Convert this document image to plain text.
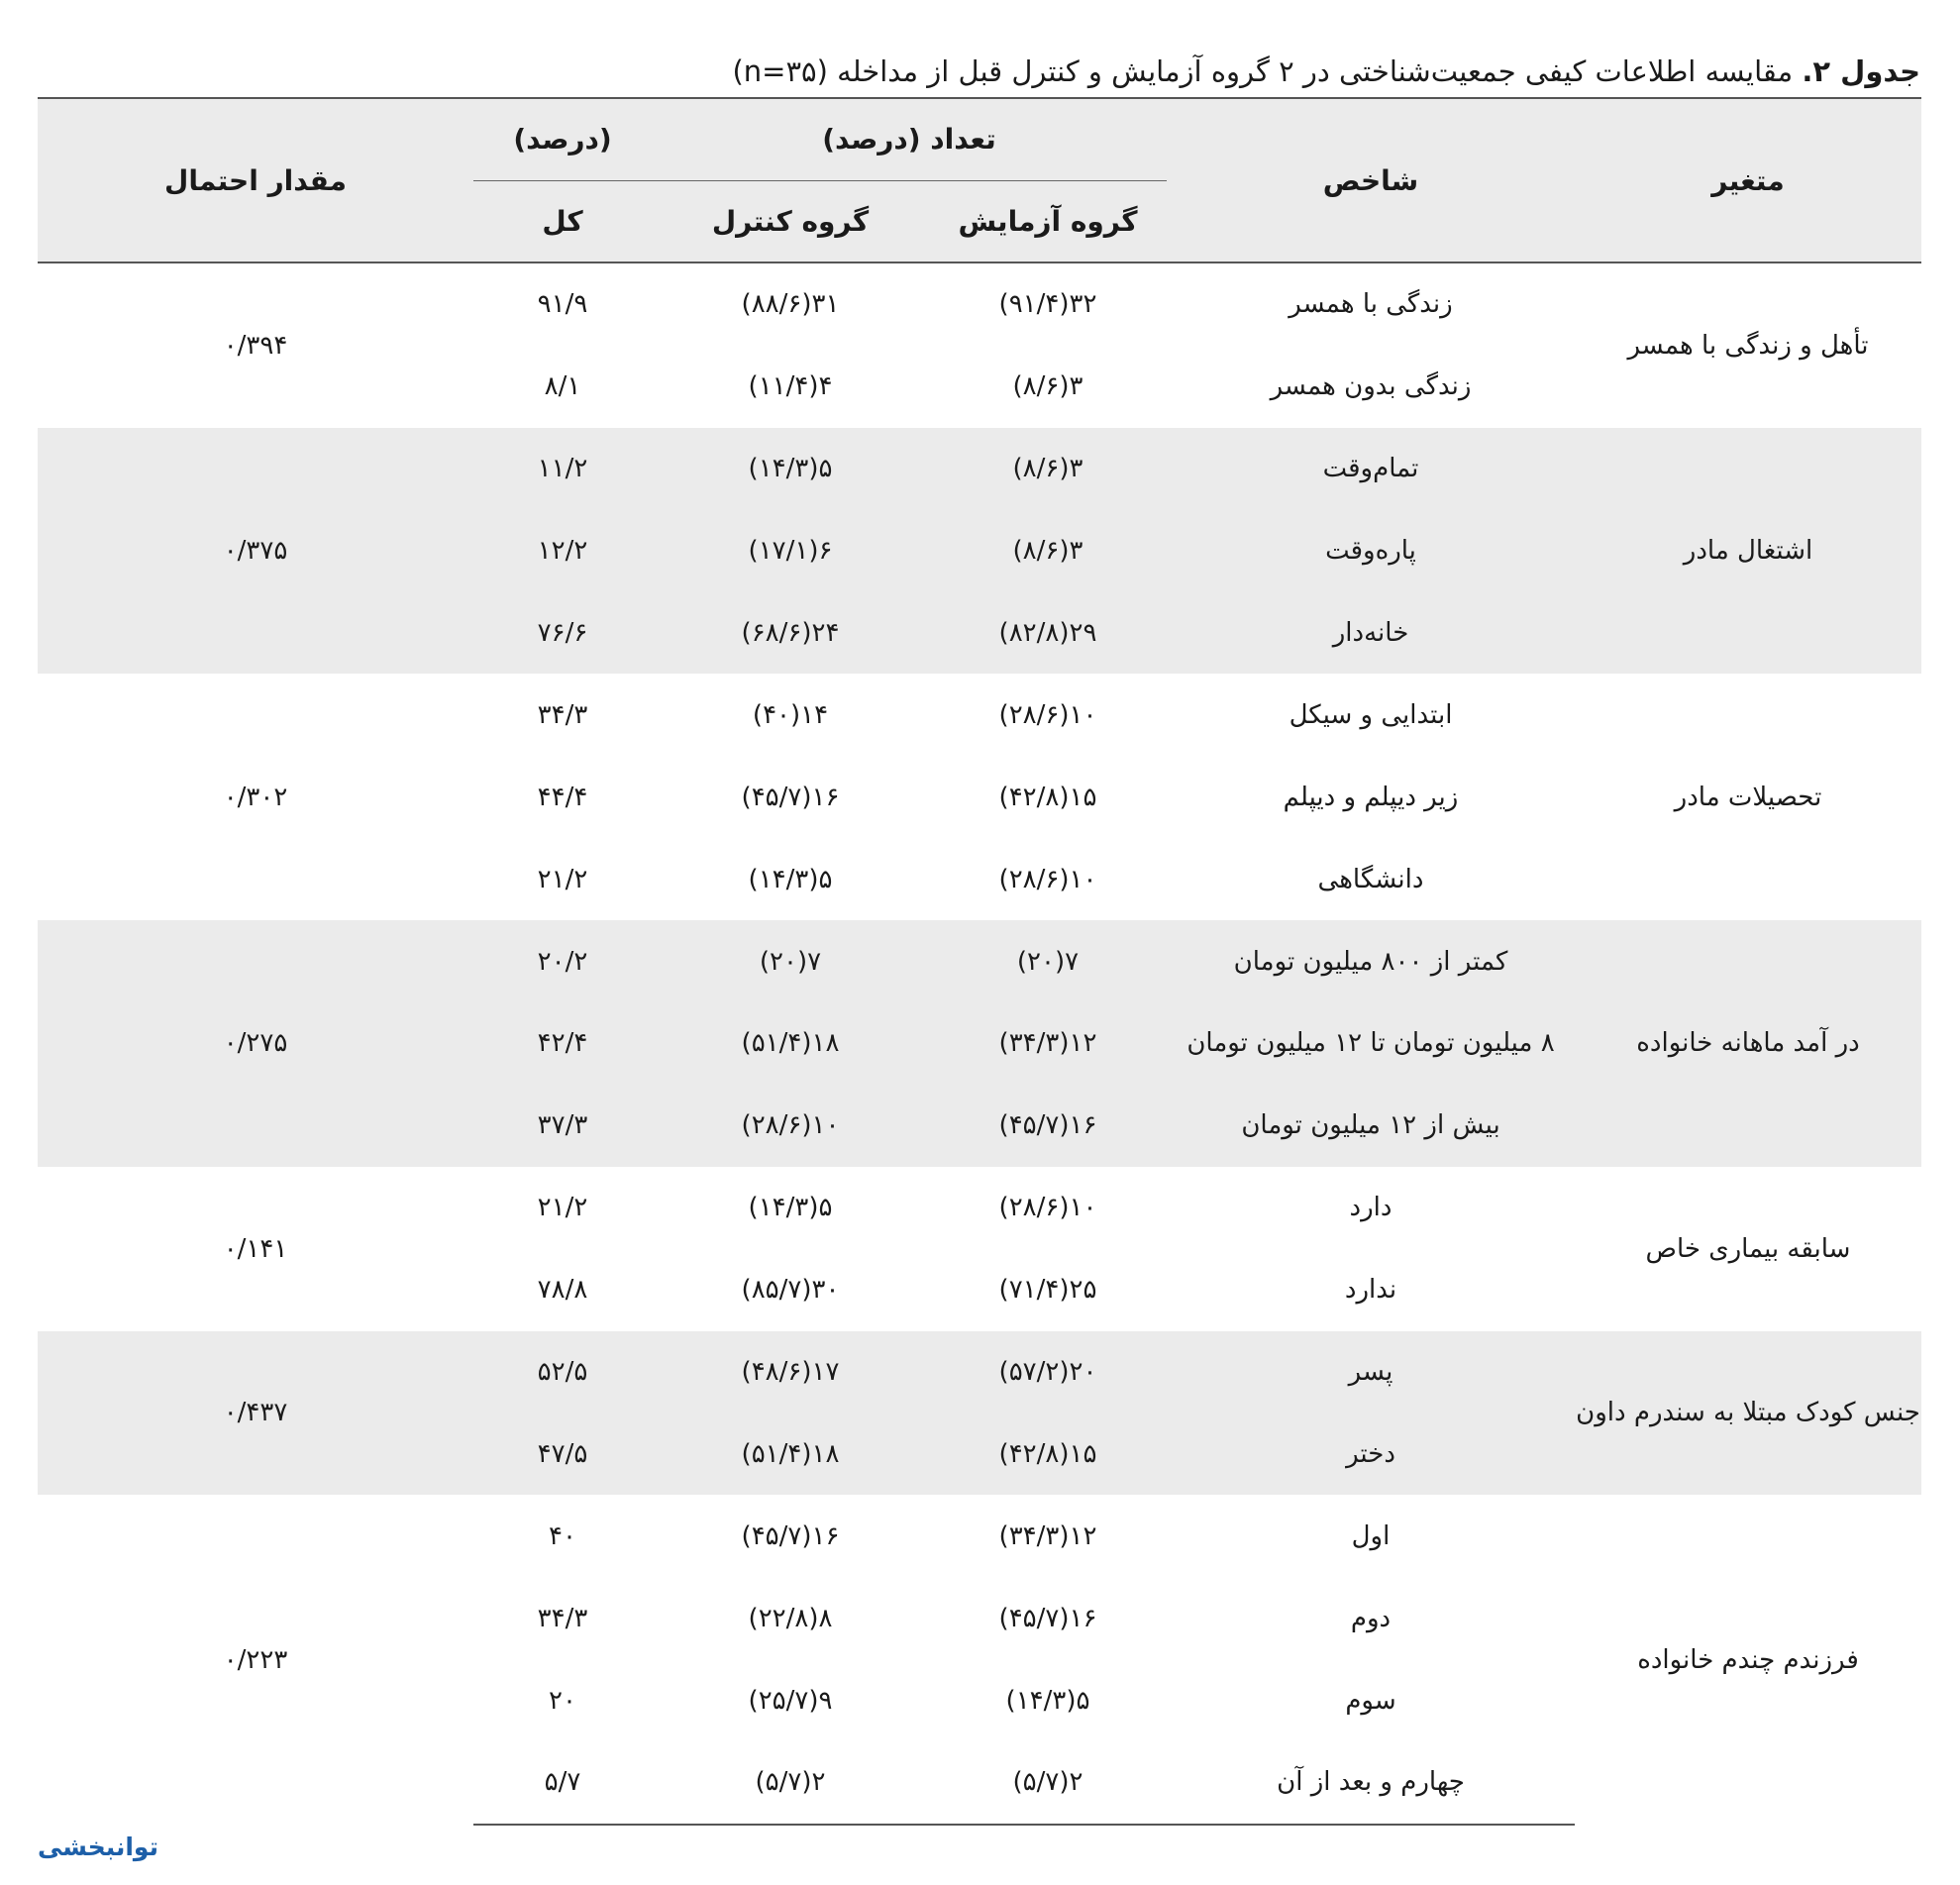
جدول ۲. مقایسه اطلاعات کیفی جمعیت‌شناختی در ۲ گروه آزمایش و کنترل قبل از مداخله (n=۳۵)
متغیر	شاخص	تعداد (درصد)		(درصد)	مقدار احتمال
		گروه آزمایش	گروه کنترل	کل	
تأهل و زندگی با همسر	زندگی با همسر	۳۲(۹۱/۴)	۳۱(۸۸/۶)	۹۱/۹	۰/۳۹۴
	زندگی بدون همسر	۳(۸/۶)	۴(۱۱/۴)	۸/۱	
اشتغال مادر	تمام‌وقت	۳(۸/۶)	۵(۱۴/۳)	۱۱/۲	۰/۳۷۵
	پاره‌وقت	۳(۸/۶)	۶(۱۷/۱)	۱۲/۲	
	خانه‌دار	۲۹(۸۲/۸)	۲۴(۶۸/۶)	۷۶/۶	
تحصیلات مادر	ابتدایی و سیکل	۱۰(۲۸/۶)	۱۴(۴۰)	۳۴/۳	۰/۳۰۲
	زیر دیپلم و دیپلم	۱۵(۴۲/۸)	۱۶(۴۵/۷)	۴۴/۴	
	دانشگاهی	۱۰(۲۸/۶)	۵(۱۴/۳)	۲۱/۲	
در آمد ماهانه خانواده	کمتر از ۸۰۰ میلیون تومان	۷(۲۰)	۷(۲۰)	۲۰/۲	۰/۲۷۵
	۸ میلیون تومان تا ۱۲ میلیون تومان	۱۲(۳۴/۳)	۱۸(۵۱/۴)	۴۲/۴	
	بیش از ۱۲ میلیون تومان	۱۶(۴۵/۷)	۱۰(۲۸/۶)	۳۷/۳	
سابقه بیماری خاص	دارد	۱۰(۲۸/۶)	۵(۱۴/۳)	۲۱/۲	۰/۱۴۱
	ندارد	۲۵(۷۱/۴)	۳۰(۸۵/۷)	۷۸/۸	
جنس کودک مبتلا به سندرم داون	پسر	۲۰(۵۷/۲)	۱۷(۴۸/۶)	۵۲/۵	۰/۴۳۷
	دختر	۱۵(۴۲/۸)	۱۸(۵۱/۴)	۴۷/۵	
فرزندم چندم خانواده	اول	۱۲(۳۴/۳)	۱۶(۴۵/۷)	۴۰	۰/۲۲۳
	دوم	۱۶(۴۵/۷)	۸(۲۲/۸)	۳۴/۳	
	سوم	۵(۱۴/۳)	۹(۲۵/۷)	۲۰	
	چهارم و بعد از آن	۲(۵/۷)	۲(۵/۷)	۵/۷	
توانبخشی
